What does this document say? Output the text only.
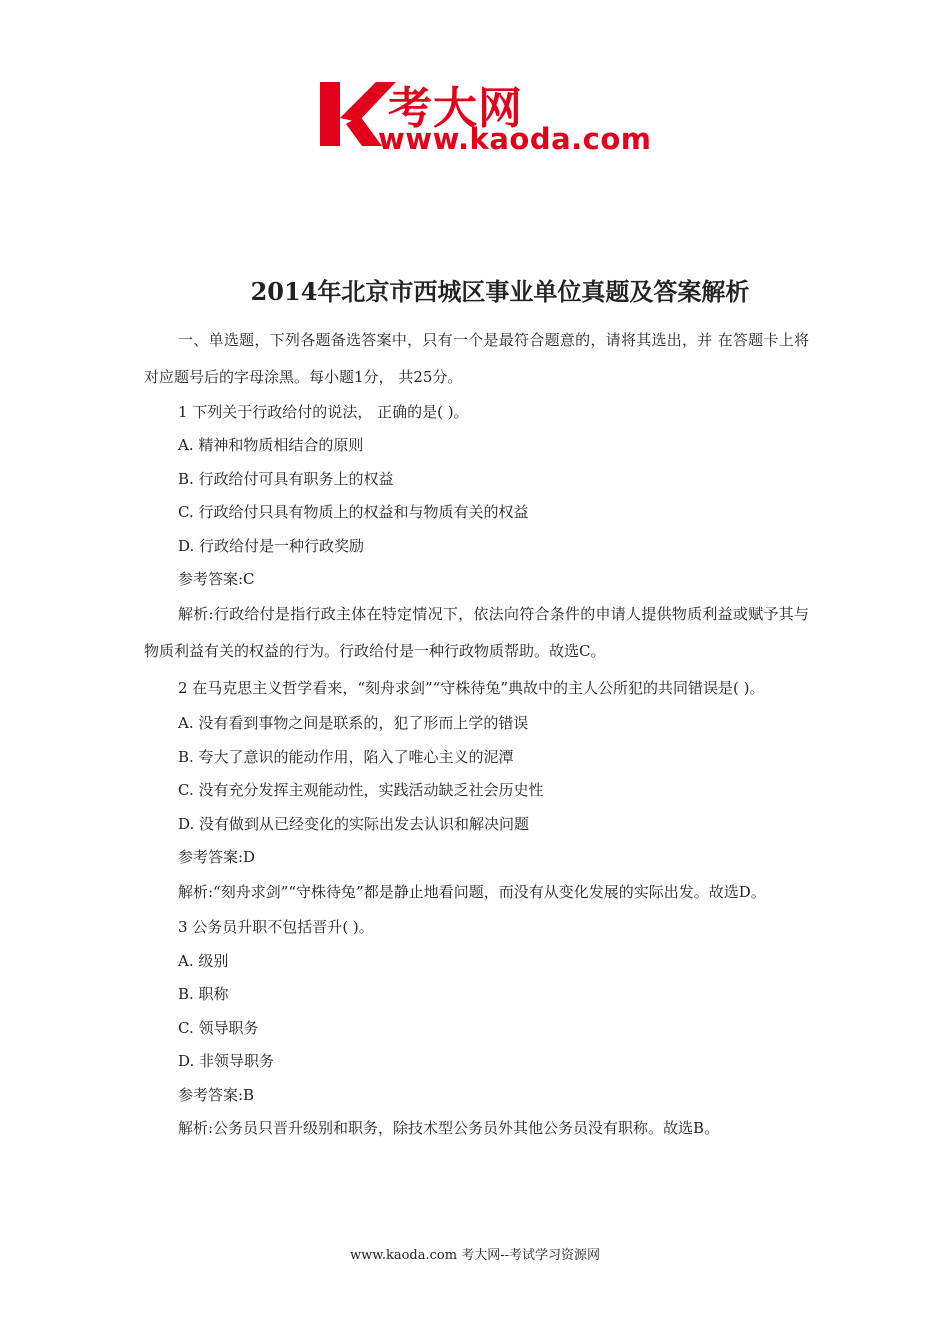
考大网
www.kaoda.com
2014年北京市西城区事业单位真题及答案解析

一、单选题，下列各题备选答案中，只有一个是最符合题意的，请将其选出，并 在答题卡上将对应题号后的字母涂黑。每小题1分， 共25分。

1 下列关于行政给付的说法， 正确的是( )。

A. 精神和物质相结合的原则

B. 行政给付可具有职务上的权益

C. 行政给付只具有物质上的权益和与物质有关的权益

D. 行政给付是一种行政奖励

参考答案:C

解析:行政给付是指行政主体在特定情况下，依法向符合条件的申请人提供物质利益或赋予其与物质利益有关的权益的行为。行政给付是一种行政物质帮助。故选C。

2 在马克思主义哲学看来，“刻舟求剑”“守株待兔”典故中的主人公所犯的共同错误是( )。

A. 没有看到事物之间是联系的，犯了形而上学的错误

B. 夸大了意识的能动作用，陷入了唯心主义的泥潭

C. 没有充分发挥主观能动性，实践活动缺乏社会历史性

D. 没有做到从已经变化的实际出发去认识和解决问题

参考答案:D

解析:“刻舟求剑”“守株待兔”都是静止地看问题，而没有从变化发展的实际出发。故选D。

3 公务员升职不包括晋升( )。

A. 级别

B. 职称

C. 领导职务

D. 非领导职务

参考答案:B

解析:公务员只晋升级别和职务，除技术型公务员外其他公务员没有职称。故选B。

www.kaoda.com 考大网--考试学习资源网
